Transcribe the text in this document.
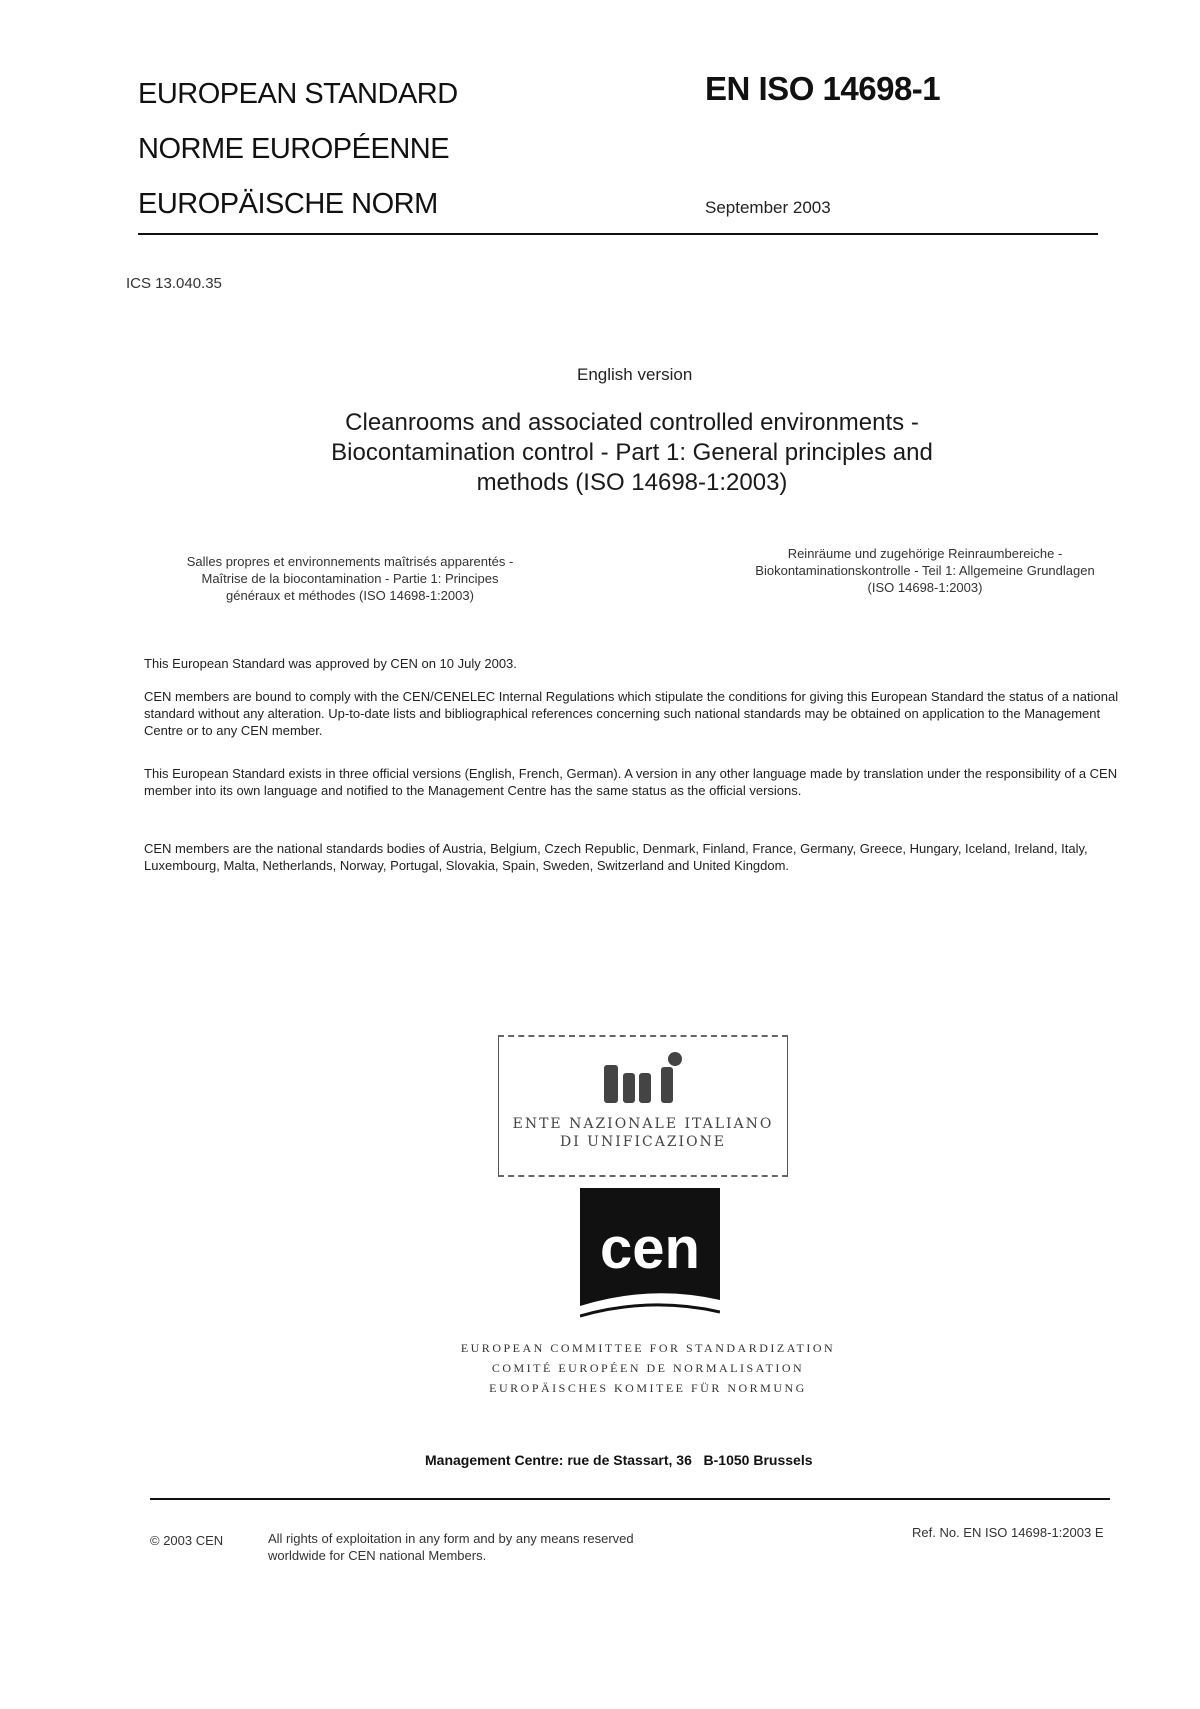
EUROPEAN STANDARD
NORME EUROPÉENNE
EUROPÄISCHE NORM
EN ISO 14698-1
September 2003
ICS 13.040.35
English version
Cleanrooms and associated controlled environments -
Biocontamination control - Part 1: General principles and
methods (ISO 14698-1:2003)
Salles propres et environnements maîtrisés apparentés -
Maîtrise de la biocontamination - Partie 1: Principes
généraux et méthodes (ISO 14698-1:2003)
Reinräume und zugehörige Reinraumbereiche -
Biokontaminationskontrolle - Teil 1: Allgemeine Grundlagen
(ISO 14698-1:2003)
This European Standard was approved by CEN on 10 July 2003.
CEN members are bound to comply with the CEN/CENELEC Internal Regulations which stipulate the conditions for giving this European Standard the status of a national standard without any alteration. Up-to-date lists and bibliographical references concerning such national standards may be obtained on application to the Management Centre or to any CEN member.
This European Standard exists in three official versions (English, French, German). A version in any other language made by translation under the responsibility of a CEN member into its own language and notified to the Management Centre has the same status as the official versions.
CEN members are the national standards bodies of Austria, Belgium, Czech Republic, Denmark, Finland, France, Germany, Greece, Hungary, Iceland, Ireland, Italy, Luxembourg, Malta, Netherlands, Norway, Portugal, Slovakia, Spain, Sweden, Switzerland and United Kingdom.
ENTE NAZIONALE ITALIANO
DI UNIFICAZIONE
cen
EUROPEAN COMMITTEE FOR STANDARDIZATION
COMITÉ EUROPÉEN DE NORMALISATION
EUROPÄISCHES KOMITEE FÜR NORMUNG
Management Centre: rue de Stassart, 36   B-1050 Brussels
© 2003 CEN	All rights of exploitation in any form and by any means reserved
worldwide for CEN national Members.
Ref. No. EN ISO 14698-1:2003 E
